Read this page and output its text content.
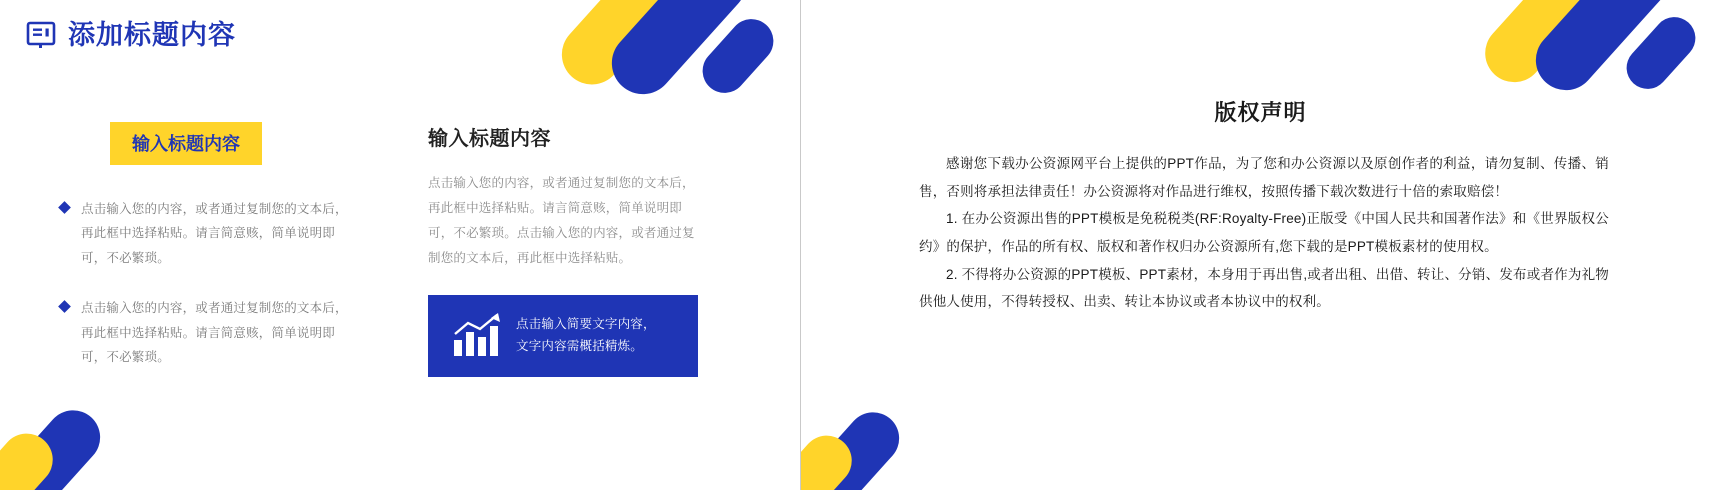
添加标题内容
输入标题内容
点击输入您的内容，或者通过复制您的文本后，再此框中选择粘贴。请言简意赅，简单说明即可，不必繁琐。
点击输入您的内容，或者通过复制您的文本后，再此框中选择粘贴。请言简意赅，简单说明即可，不必繁琐。
输入标题内容
点击输入您的内容，或者通过复制您的文本后，再此框中选择粘贴。请言简意赅，简单说明即可，不必繁琐。点击输入您的内容，或者通过复制您的文本后，再此框中选择粘贴。
点击输入简要文字内容，
文字内容需概括精炼。
版权声明

感谢您下载办公资源网平台上提供的PPT作品，为了您和办公资源以及原创作者的利益，请勿复制、传播、销售，否则将承担法律责任！办公资源将对作品进行维权，按照传播下载次数进行十倍的索取赔偿！

1. 在办公资源出售的PPT模板是免税税类(RF:Royalty-Free)正版受《中国人民共和国著作法》和《世界版权公约》的保护，作品的所有权、版权和著作权归办公资源所有,您下载的是PPT模板素材的使用权。

2. 不得将办公资源的PPT模板、PPT素材，本身用于再出售,或者出租、出借、转让、分销、发布或者作为礼物供他人使用，不得转授权、出卖、转让本协议或者本协议中的权利。
